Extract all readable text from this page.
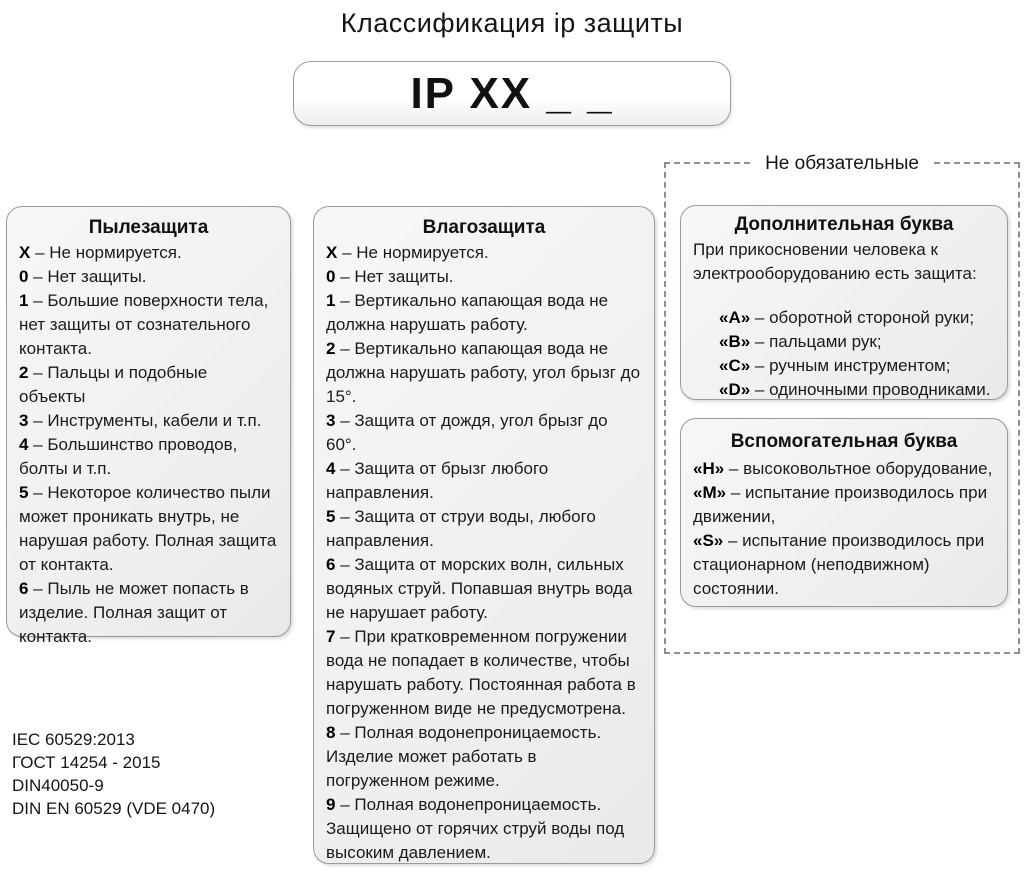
Классификация ip защиты
IP XX _ _
Пылезащита
X – Не нормируется.
0 – Нет защиты.
1 – Большие поверхности тела, нет защиты от сознательного контакта.
2 – Пальцы и подобные объекты
3 – Инструменты, кабели и т.п.
4 – Большинство проводов, болты и т.п.
5 – Некоторое количество пыли может проникать внутрь, не нарушая работу. Полная защита от контакта.
6 – Пыль не может попасть в изделие. Полная защит от контакта.
Влагозащита
X – Не нормируется.
0 – Нет защиты.
1 – Вертикально капающая вода не должна нарушать работу.
2 – Вертикально капающая вода не должна нарушать работу, угол брызг до 15°.
3 – Защита от дождя, угол брызг до 60°.
4 – Защита от брызг любого направления.
5 – Защита от струи воды, любого направления.
6 – Защита от морских волн, сильных водяных струй. Попавшая внутрь вода не нарушает работу.
7 – При кратковременном погружении вода не попадает в количестве, чтобы нарушать работу. Постоянная работа в погруженном виде не предусмотрена.
8 – Полная водонепроницаемость. Изделие может работать в погруженном режиме.
9 – Полная водонепроницаемость. Защищено от горячих струй воды под высоким давлением.
Не обязательные
Дополнительная буква
При прикосновении человека к электрооборудованию есть защита:
«A» – оборотной стороной руки;
«B» – пальцами рук;
«C» – ручным инструментом;
«D» – одиночными проводниками.
Вспомогательная буква
«H» – высоковольтное оборудование,
«M» – испытание производилось при движении,
«S» – испытание производилось при стационарном (неподвижном) состоянии.
IEC 60529:2013
ГОСТ 14254 - 2015
DIN40050-9
DIN EN 60529 (VDE 0470)
